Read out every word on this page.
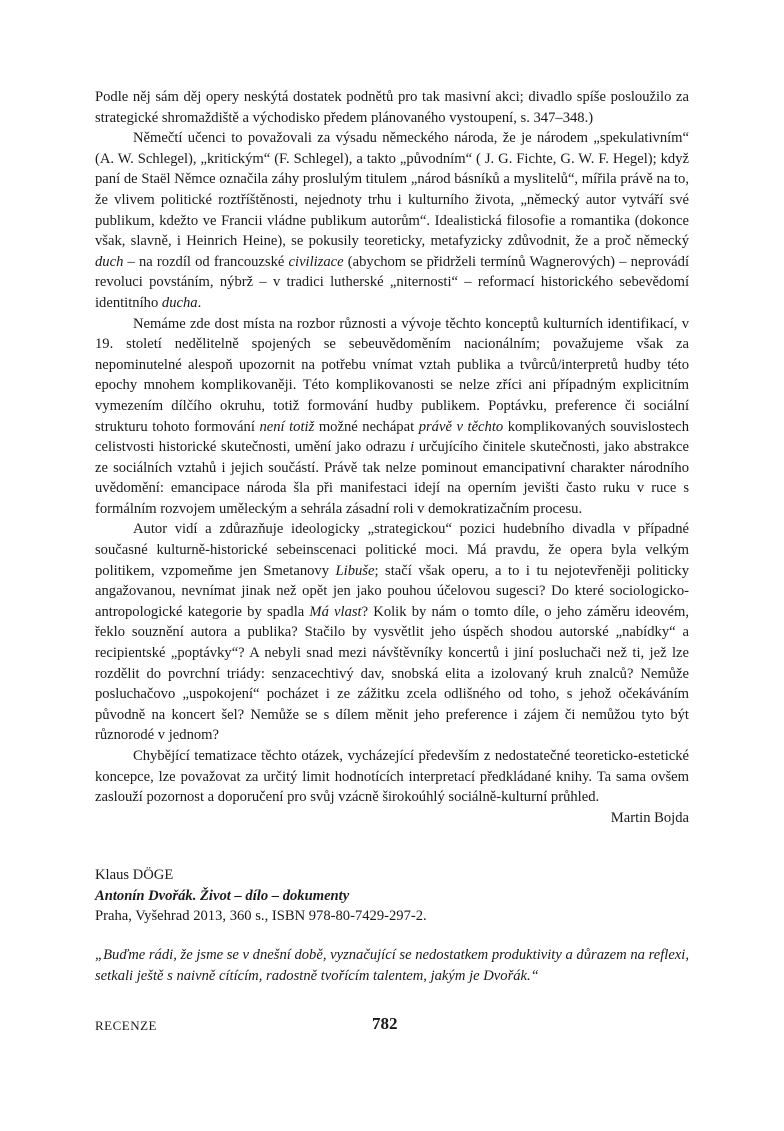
Podle něj sám děj opery neskýtá dostatek podnětů pro tak masivní akci; divadlo spíše posloužilo za strategické shromaždiště a východisko předem plánovaného vystoupení, s. 347–348.)

Němečtí učenci to považovali za výsadu německého národa, že je národem „spekulativním“ (A. W. Schlegel), „kritickým“ (F. Schlegel), a takto „původním“ ( J. G. Fichte, G. W. F. Hegel); když paní de Staël Němce označila záhy proslulým titulem „národ básníků a myslitelů“, mířila právě na to, že vlivem politické roztříštěnosti, nejednoty trhu i kulturního života, „německý autor vytváří své publikum, kdežto ve Francii vládne publikum autorům“. Idealistická filosofie a romantika (dokonce však, slavně, i Heinrich Heine), se pokusily teoreticky, metafyzicky zdůvodnit, že a proč německý duch – na rozdíl od francouzské civilizace (abychom se přidrželi termínů Wagnerových) – neprovádí revoluci povstáním, nýbrž – v tradici lutherské „niternosti“ – reformací historického sebevědomí identitního ducha.

Nemáme zde dost místa na rozbor různosti a vývoje těchto konceptů kulturních identifikací, v 19. století nedělitelně spojených se sebeuvědoměním nacionálním; považujeme však za nepominutelné alespoň upozornit na potřebu vnímat vztah publika a tvůrců/interpretů hudby této epochy mnohem komplikovaněji. Této komplikovanosti se nelze zříci ani případným explicitním vymezením dílčího okruhu, totiž formování hudby publikem. Poptávku, preference či sociální strukturu tohoto formování není totiž možné nechápat právě v těchto komplikovaných souvislostech celistvosti historické skutečnosti, umění jako odrazu i určujícího činitele skutečnosti, jako abstrakce ze sociálních vztahů i jejich součástí. Právě tak nelze pominout emancipativní charakter národního uvědomění: emancipace národa šla při manifestaci idejí na operním jevišti často ruku v ruce s formálním rozvojem uměleckým a sehrála zásadní roli v demokratizačním procesu.

Autor vidí a zdůrazňuje ideologicky „strategickou“ pozici hudebního divadla v případné současné kulturně-historické sebeinscenaci politické moci. Má pravdu, že opera byla velkým politikem, vzpomeňme jen Smetanovy Libuše; stačí však operu, a to i tu nejotevřeněji politicky angažovanou, nevnímat jinak než opět jen jako pouhou účelovou sugesci? Do které sociologicko-antropologické kategorie by spadla Má vlast? Kolik by nám o tomto díle, o jeho záměru ideovém, řeklo souznění autora a publika? Stačilo by vysvětlit jeho úspěch shodou autorské „nabídky“ a recipientské „poptávky“? A nebyli snad mezi návštěvníky koncertů i jiní posluchači než ti, jež lze rozdělit do povrchní triády: senzacechtivý dav, snobská elita a izolovaný kruh znalců? Nemůže posluchačovo „uspokojení“ pocházet i ze zážitku zcela odlišného od toho, s jehož očekáváním původně na koncert šel? Nemůže se s dílem měnit jeho preference i zájem či nemůžou tyto být různorodé v jednom?

Chybějící tematizace těchto otázek, vycházející především z nedostatečné teoreticko-estetické koncepce, lze považovat za určitý limit hodnotících interpretací předkládané knihy. Ta sama ovšem zaslouží pozornost a doporučení pro svůj vzácně širokoúhlý sociálně-kulturní průhled.

Martin Bojda

Klaus DÖGE

Antonín Dvořák. Život – dílo – dokumenty

Praha, Vyšehrad 2013, 360 s., ISBN 978-80-7429-297-2.

„Buďme rádi, že jsme se v dnešní době, vyznačující se nedostatkem produktivity a důrazem na reflexi, setkali ještě s naivně cítícím, radostně tvořícím talentem, jakým je Dvořák.“

RECENZE	782
